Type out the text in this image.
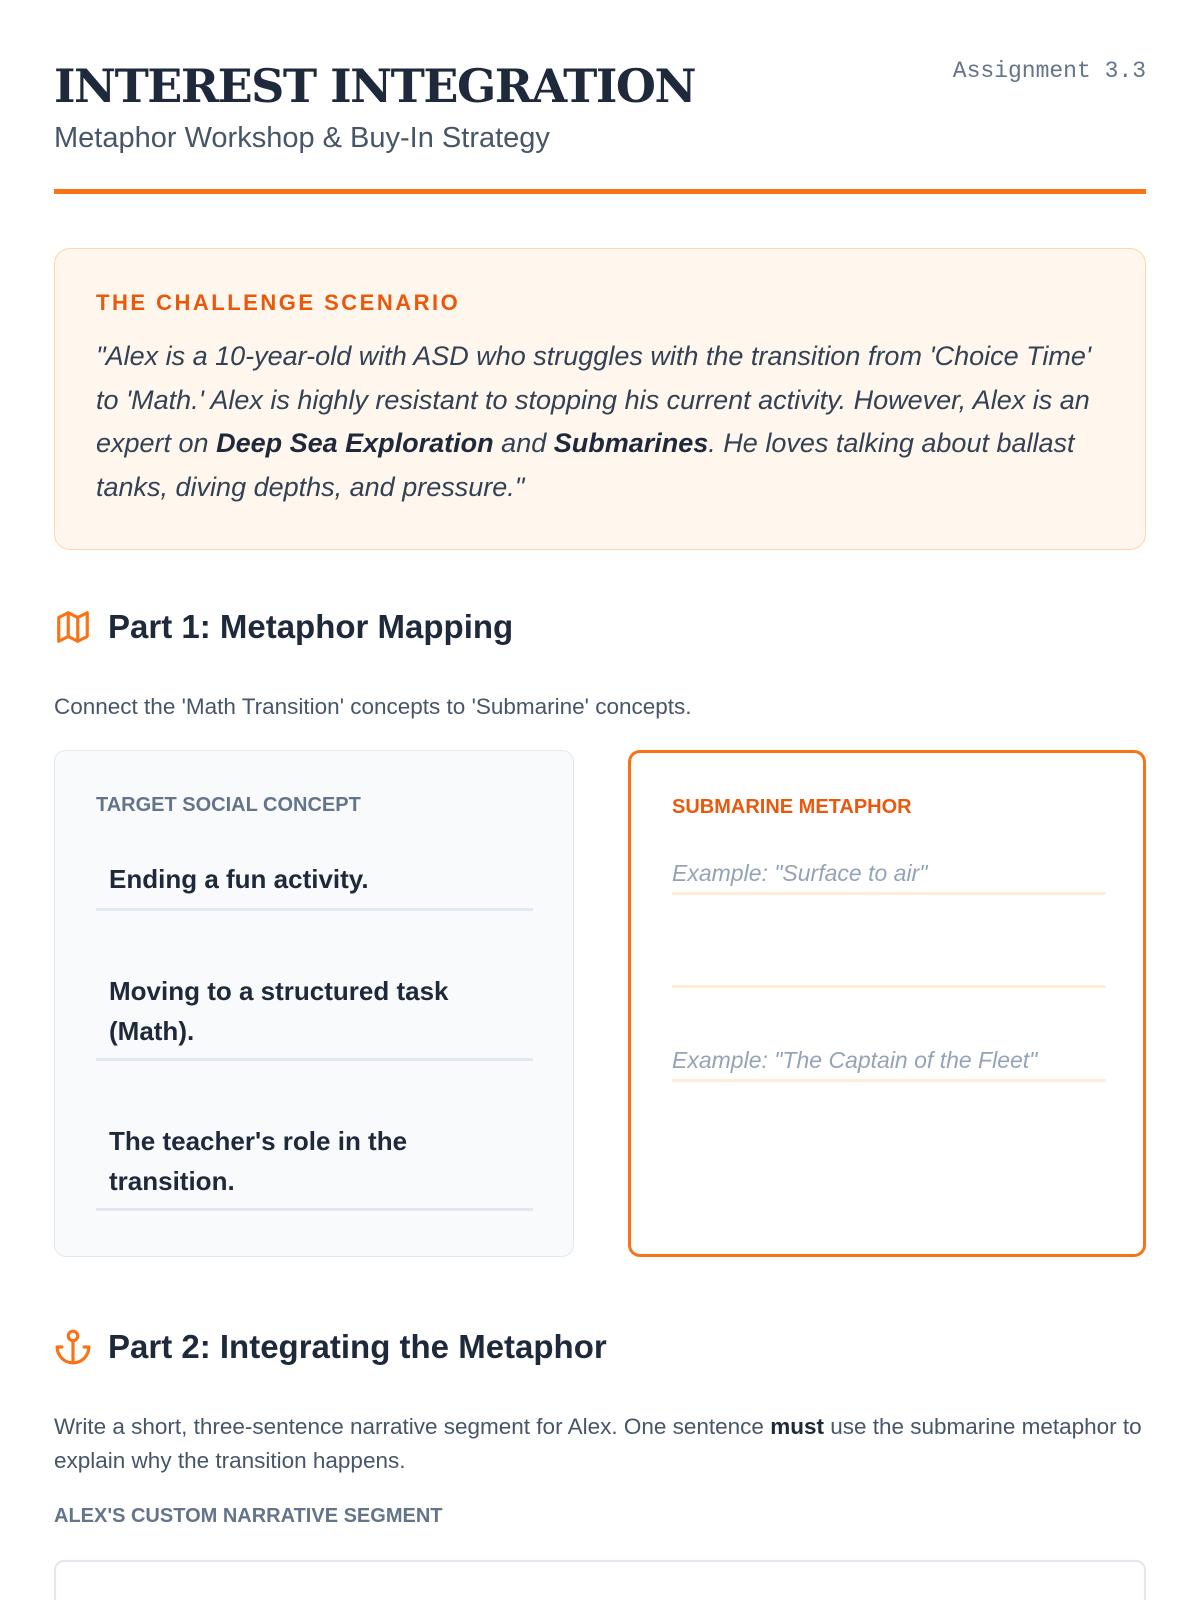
INTEREST INTEGRATION
Metaphor Workshop & Buy-In Strategy
Assignment 3.3
THE CHALLENGE SCENARIO

"Alex is a 10-year-old with ASD who struggles with the transition from 'Choice Time' to 'Math.' Alex is highly resistant to stopping his current activity. However, Alex is an expert on Deep Sea Exploration and Submarines. He loves talking about ballast tanks, diving depths, and pressure."

Part 1: Metaphor Mapping
Connect the 'Math Transition' concepts to 'Submarine' concepts.
TARGET SOCIAL CONCEPT
Ending a fun activity.
Moving to a structured task (Math).
The teacher's role in the transition.
SUBMARINE METAPHOR
Example: "Surface to air"
Example: "The Captain of the Fleet"
Part 2: Integrating the Metaphor

Write a short, three-sentence narrative segment for Alex. One sentence must use the submarine metaphor to explain why the transition happens.

ALEX'S CUSTOM NARRATIVE SEGMENT
